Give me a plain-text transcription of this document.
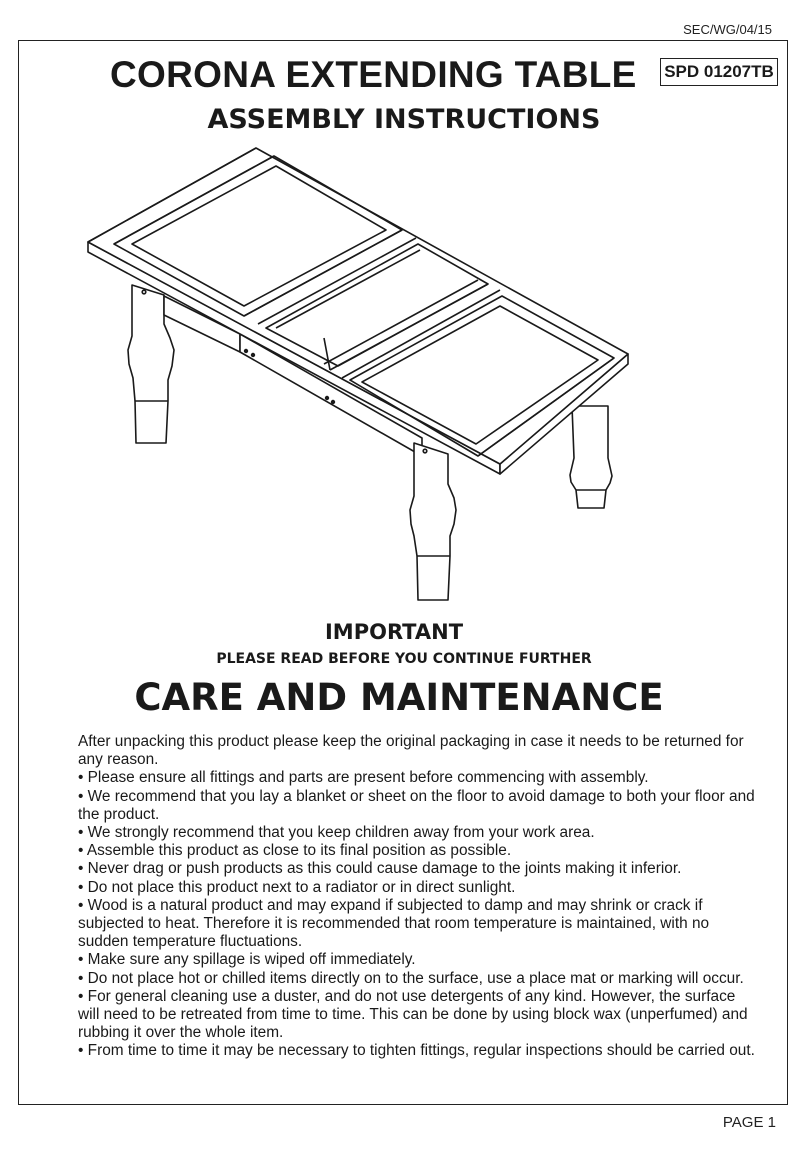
SEC/WG/04/15
CORONA EXTENDING TABLE SPD 01207TB
ASSEMBLY INSTRUCTIONS
IMPORTANT
PLEASE READ BEFORE YOU CONTINUE FURTHER
CARE AND MAINTENANCE

After unpacking this product please keep the original packaging in case it needs to be returned for any reason.

• Please ensure all fittings and parts are present before commencing with assembly.

• We recommend that you lay a blanket or sheet on the floor to avoid damage to both your floor and the product.

• We strongly recommend that you keep children away from your work area.

• Assemble this product as close to its final position as possible.

• Never drag or push products as this could cause damage to the joints making it inferior.

• Do not place this product next to a radiator or in direct sunlight.

• Wood is a natural product and may expand if subjected to damp and may shrink or crack if subjected to heat. Therefore it is recommended that room temperature is maintained, with no sudden temperature fluctuations.

• Make sure any spillage is wiped off immediately.

• Do not place hot or chilled items directly on to the surface, use a place mat or marking will occur.

• For general cleaning use a duster, and do not use detergents of any kind. However, the surface will need to be retreated from time to time. This can be done by using block wax (unperfumed) and rubbing it over the whole item.

• From time to time it may be necessary to tighten fittings, regular inspections should be carried out.

PAGE 1
